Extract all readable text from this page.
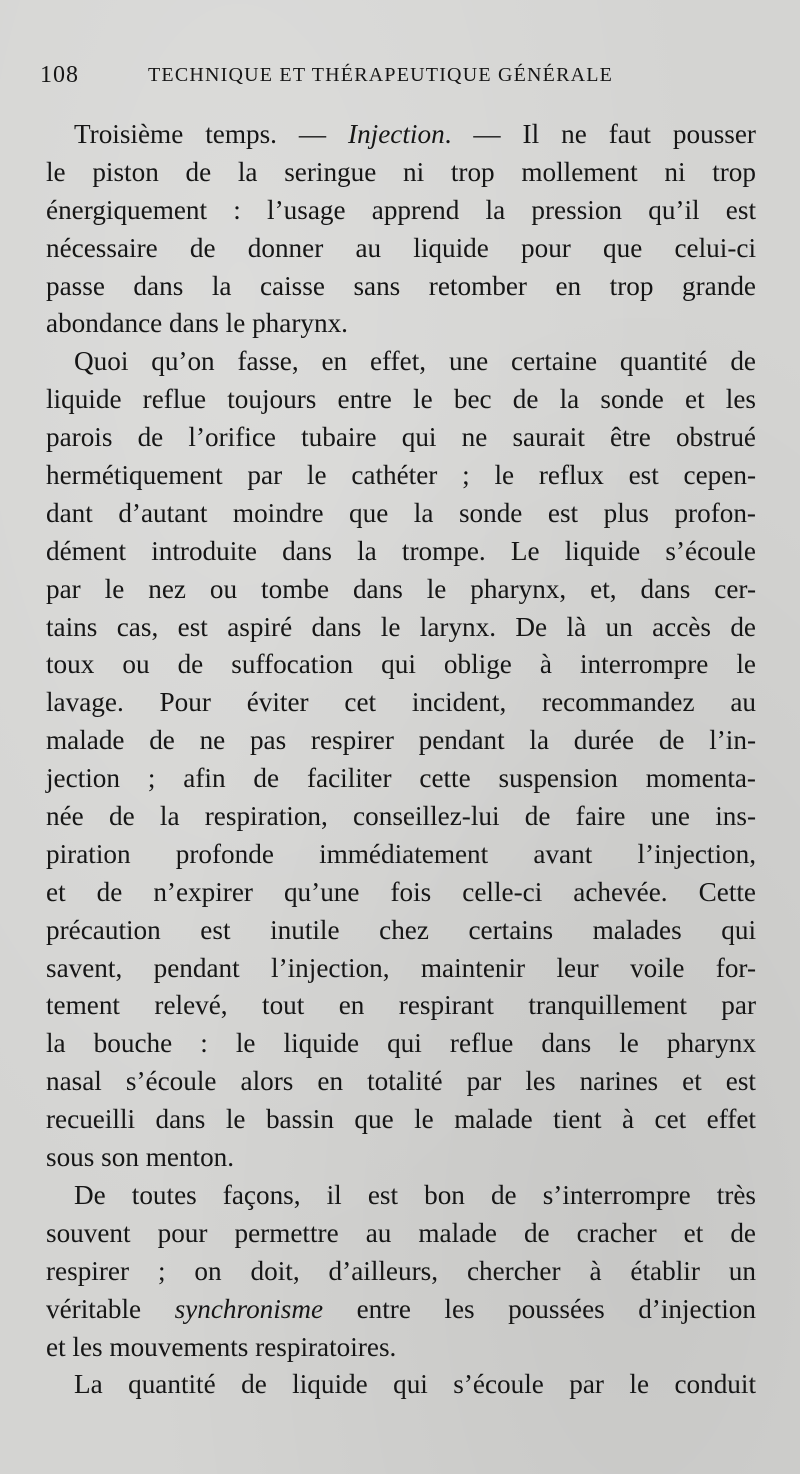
108	TECHNIQUE ET THÉRAPEUTIQUE GÉNÉRALE
Troisième temps. — Injection. — Il ne faut pousser
le piston de la seringue ni trop mollement ni trop
énergiquement : l’usage apprend la pression qu’il est
nécessaire de donner au liquide pour que celui-ci
passe dans la caisse sans retomber en trop grande
abondance dans le pharynx.
Quoi qu’on fasse, en effet, une certaine quantité de
liquide reflue toujours entre le bec de la sonde et les
parois de l’orifice tubaire qui ne saurait être obstrué
hermétiquement par le cathéter ; le reflux est cepen-
dant d’autant moindre que la sonde est plus profon-
dément introduite dans la trompe. Le liquide s’écoule
par le nez ou tombe dans le pharynx, et, dans cer-
tains cas, est aspiré dans le larynx. De là un accès de
toux ou de suffocation qui oblige à interrompre le
lavage. Pour éviter cet incident, recommandez au
malade de ne pas respirer pendant la durée de l’in-
jection ; afin de faciliter cette suspension momenta-
née de la respiration, conseillez-lui de faire une ins-
piration profonde immédiatement avant l’injection,
et de n’expirer qu’une fois celle-ci achevée. Cette
précaution est inutile chez certains malades qui
savent, pendant l’injection, maintenir leur voile for-
tement relevé, tout en respirant tranquillement par
la bouche : le liquide qui reflue dans le pharynx
nasal s’écoule alors en totalité par les narines et est
recueilli dans le bassin que le malade tient à cet effet
sous son menton.
De toutes façons, il est bon de s’interrompre très
souvent pour permettre au malade de cracher et de
respirer ; on doit, d’ailleurs, chercher à établir un
véritable synchronisme entre les poussées d’injection
et les mouvements respiratoires.
La quantité de liquide qui s’écoule par le conduit
